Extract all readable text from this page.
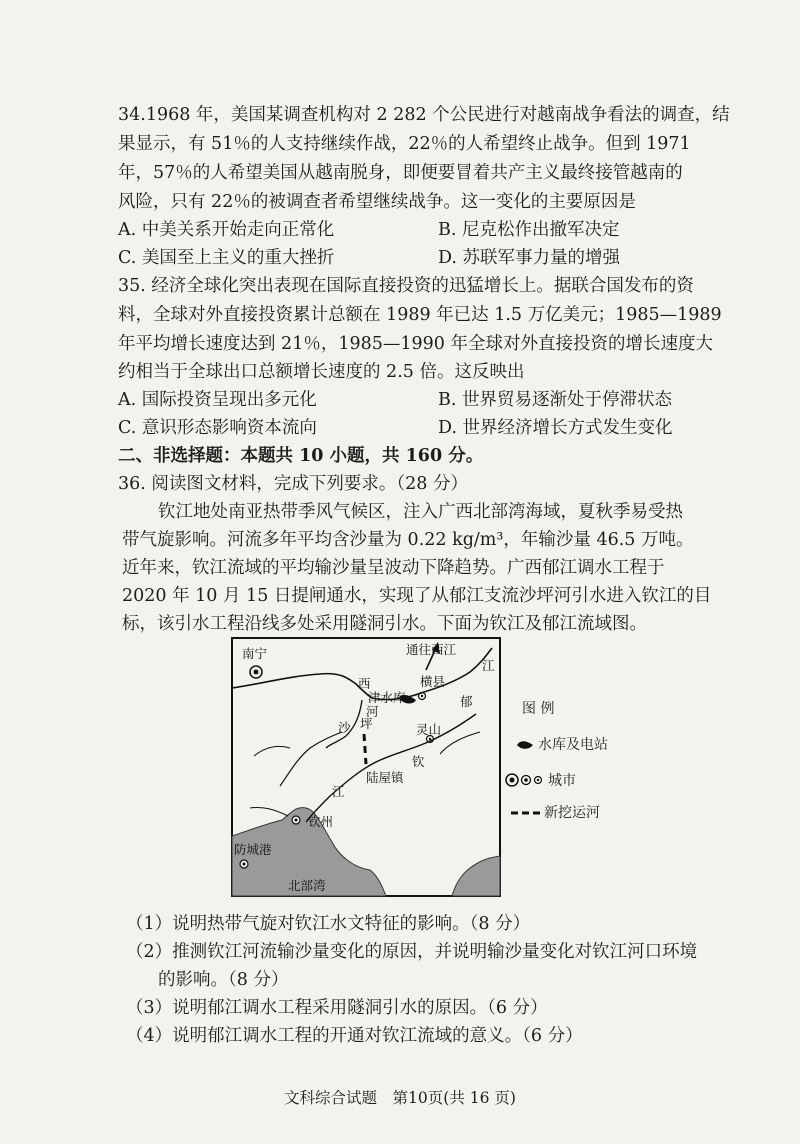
34.1968 年，美国某调查机构对 2 282 个公民进行对越南战争看法的调查，结
果显示，有 51％的人支持继续作战，22％的人希望终止战争。但到 1971
年，57％的人希望美国从越南脱身，即便要冒着共产主义最终接管越南的
风险，只有 22％的被调查者希望继续战争。这一变化的主要原因是
A. 中美关系开始走向正常化	B. 尼克松作出撤军决定
C. 美国至上主义的重大挫折	D. 苏联军事力量的增强
35. 经济全球化突出表现在国际直接投资的迅猛增长上。据联合国发布的资
料，全球对外直接投资累计总额在 1989 年已达 1.5 万亿美元；1985—1989
年平均增长速度达到 21％，1985—1990 年全球对外直接投资的增长速度大
约相当于全球出口总额增长速度的 2.5 倍。这反映出
A. 国际投资呈现出多元化	B. 世界贸易逐渐处于停滞状态
C. 意识形态影响资本流向	D. 世界经济增长方式发生变化
二、非选择题：本题共 10 小题，共 160 分。
36. 阅读图文材料，完成下列要求。（28 分）
钦江地处南亚热带季风气候区，注入广西北部湾海域，夏秋季易受热
带气旋影响。河流多年平均含沙量为 0.22 kg/m³，年输沙量 46.5 万吨。
近年来，钦江流域的平均输沙量呈波动下降趋势。广西郁江调水工程于
2020 年 10 月 15 日提闸通水，实现了从郁江支流沙坪河引水进入钦江的目
标，该引水工程沿线多处采用隧洞引水。下面为钦江及郁江流域图。
南宁	通往西江
江
西
津水库
横县
郁
河
沙 坪	灵山
钦
陆屋镇
江
钦州
防城港
北部湾
图 例
水库及电站
城市
新挖运河
（1）说明热带气旋对钦江水文特征的影响。（8 分）
（2）推测钦江河流输沙量变化的原因，并说明输沙量变化对钦江河口环境
的影响。（8 分）
（3）说明郁江调水工程采用隧洞引水的原因。（6 分）
（4）说明郁江调水工程的开通对钦江流域的意义。（6 分）
文科综合试题　第10页(共 16 页)
